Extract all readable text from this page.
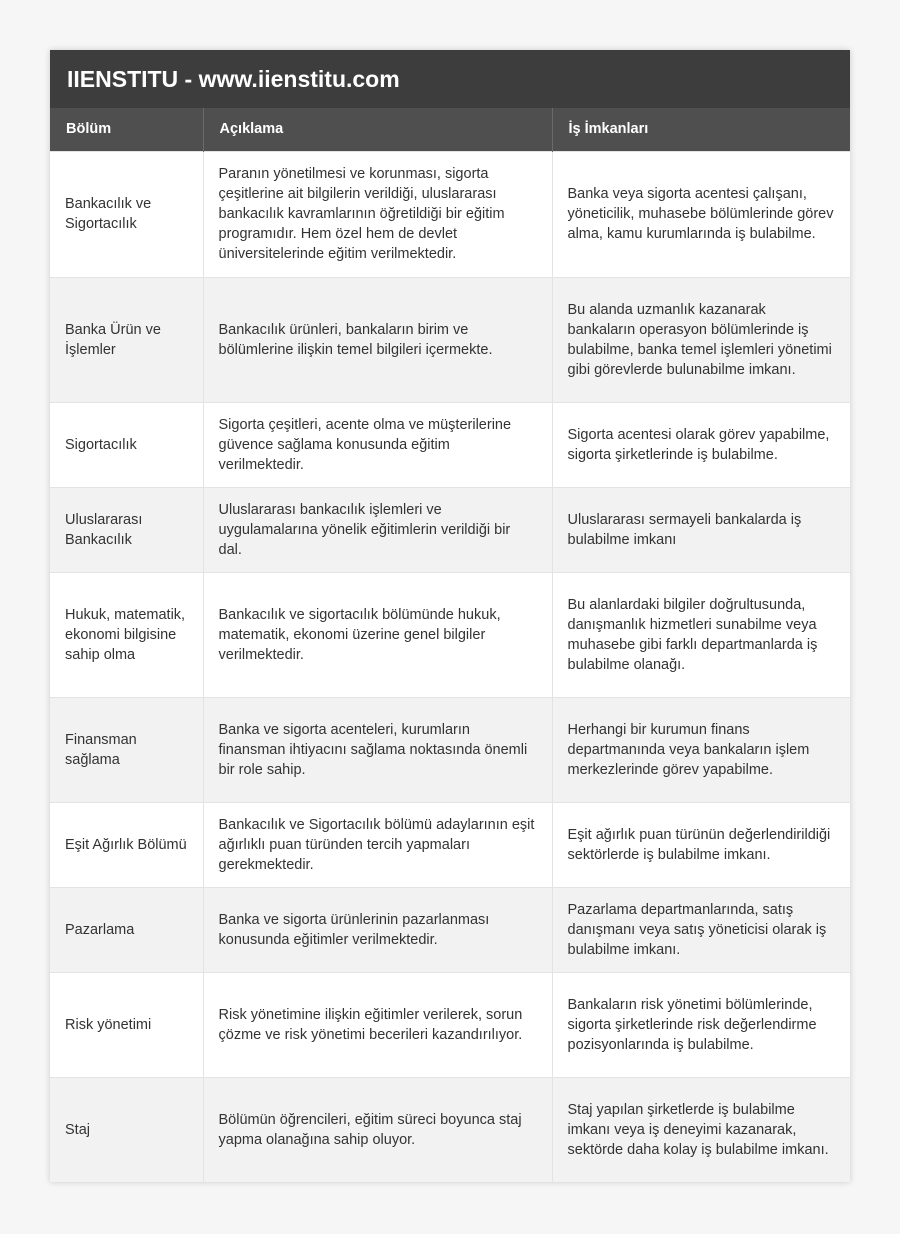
IIENSTITU - www.iienstitu.com
Bölüm	Açıklama	İş İmkanları
Bankacılık ve Sigortacılık	Paranın yönetilmesi ve korunması, sigorta çeşitlerine ait bilgilerin verildiği, uluslararası bankacılık kavramlarının öğretildiği bir eğitim programıdır. Hem özel hem de devlet üniversitelerinde eğitim verilmektedir.	Banka veya sigorta acentesi çalışanı, yöneticilik, muhasebe bölümlerinde görev alma, kamu kurumlarında iş bulabilme.
Banka Ürün ve İşlemler	Bankacılık ürünleri, bankaların birim ve bölümlerine ilişkin temel bilgileri içermekte.	Bu alanda uzmanlık kazanarak bankaların operasyon bölümlerinde iş bulabilme, banka temel işlemleri yönetimi gibi görevlerde bulunabilme imkanı.
Sigortacılık	Sigorta çeşitleri, acente olma ve müşterilerine güvence sağlama konusunda eğitim verilmektedir.	Sigorta acentesi olarak görev yapabilme, sigorta şirketlerinde iş bulabilme.
Uluslararası Bankacılık	Uluslararası bankacılık işlemleri ve uygulamalarına yönelik eğitimlerin verildiği bir dal.	Uluslararası sermayeli bankalarda iş bulabilme imkanı
Hukuk, matematik, ekonomi bilgisine sahip olma	Bankacılık ve sigortacılık bölümünde hukuk, matematik, ekonomi üzerine genel bilgiler verilmektedir.	Bu alanlardaki bilgiler doğrultusunda, danışmanlık hizmetleri sunabilme veya muhasebe gibi farklı departmanlarda iş bulabilme olanağı.
Finansman sağlama	Banka ve sigorta acenteleri, kurumların finansman ihtiyacını sağlama noktasında önemli bir role sahip.	Herhangi bir kurumun finans departmanında veya bankaların işlem merkezlerinde görev yapabilme.
Eşit Ağırlık Bölümü	Bankacılık ve Sigortacılık bölümü adaylarının eşit ağırlıklı puan türünden tercih yapmaları gerekmektedir.	Eşit ağırlık puan türünün değerlendirildiği sektörlerde iş bulabilme imkanı.
Pazarlama	Banka ve sigorta ürünlerinin pazarlanması konusunda eğitimler verilmektedir.	Pazarlama departmanlarında, satış danışmanı veya satış yöneticisi olarak iş bulabilme imkanı.
Risk yönetimi	Risk yönetimine ilişkin eğitimler verilerek, sorun çözme ve risk yönetimi becerileri kazandırılıyor.	Bankaların risk yönetimi bölümlerinde, sigorta şirketlerinde risk değerlendirme pozisyonlarında iş bulabilme.
Staj	Bölümün öğrencileri, eğitim süreci boyunca staj yapma olanağına sahip oluyor.	Staj yapılan şirketlerde iş bulabilme imkanı veya iş deneyimi kazanarak, sektörde daha kolay iş bulabilme imkanı.
